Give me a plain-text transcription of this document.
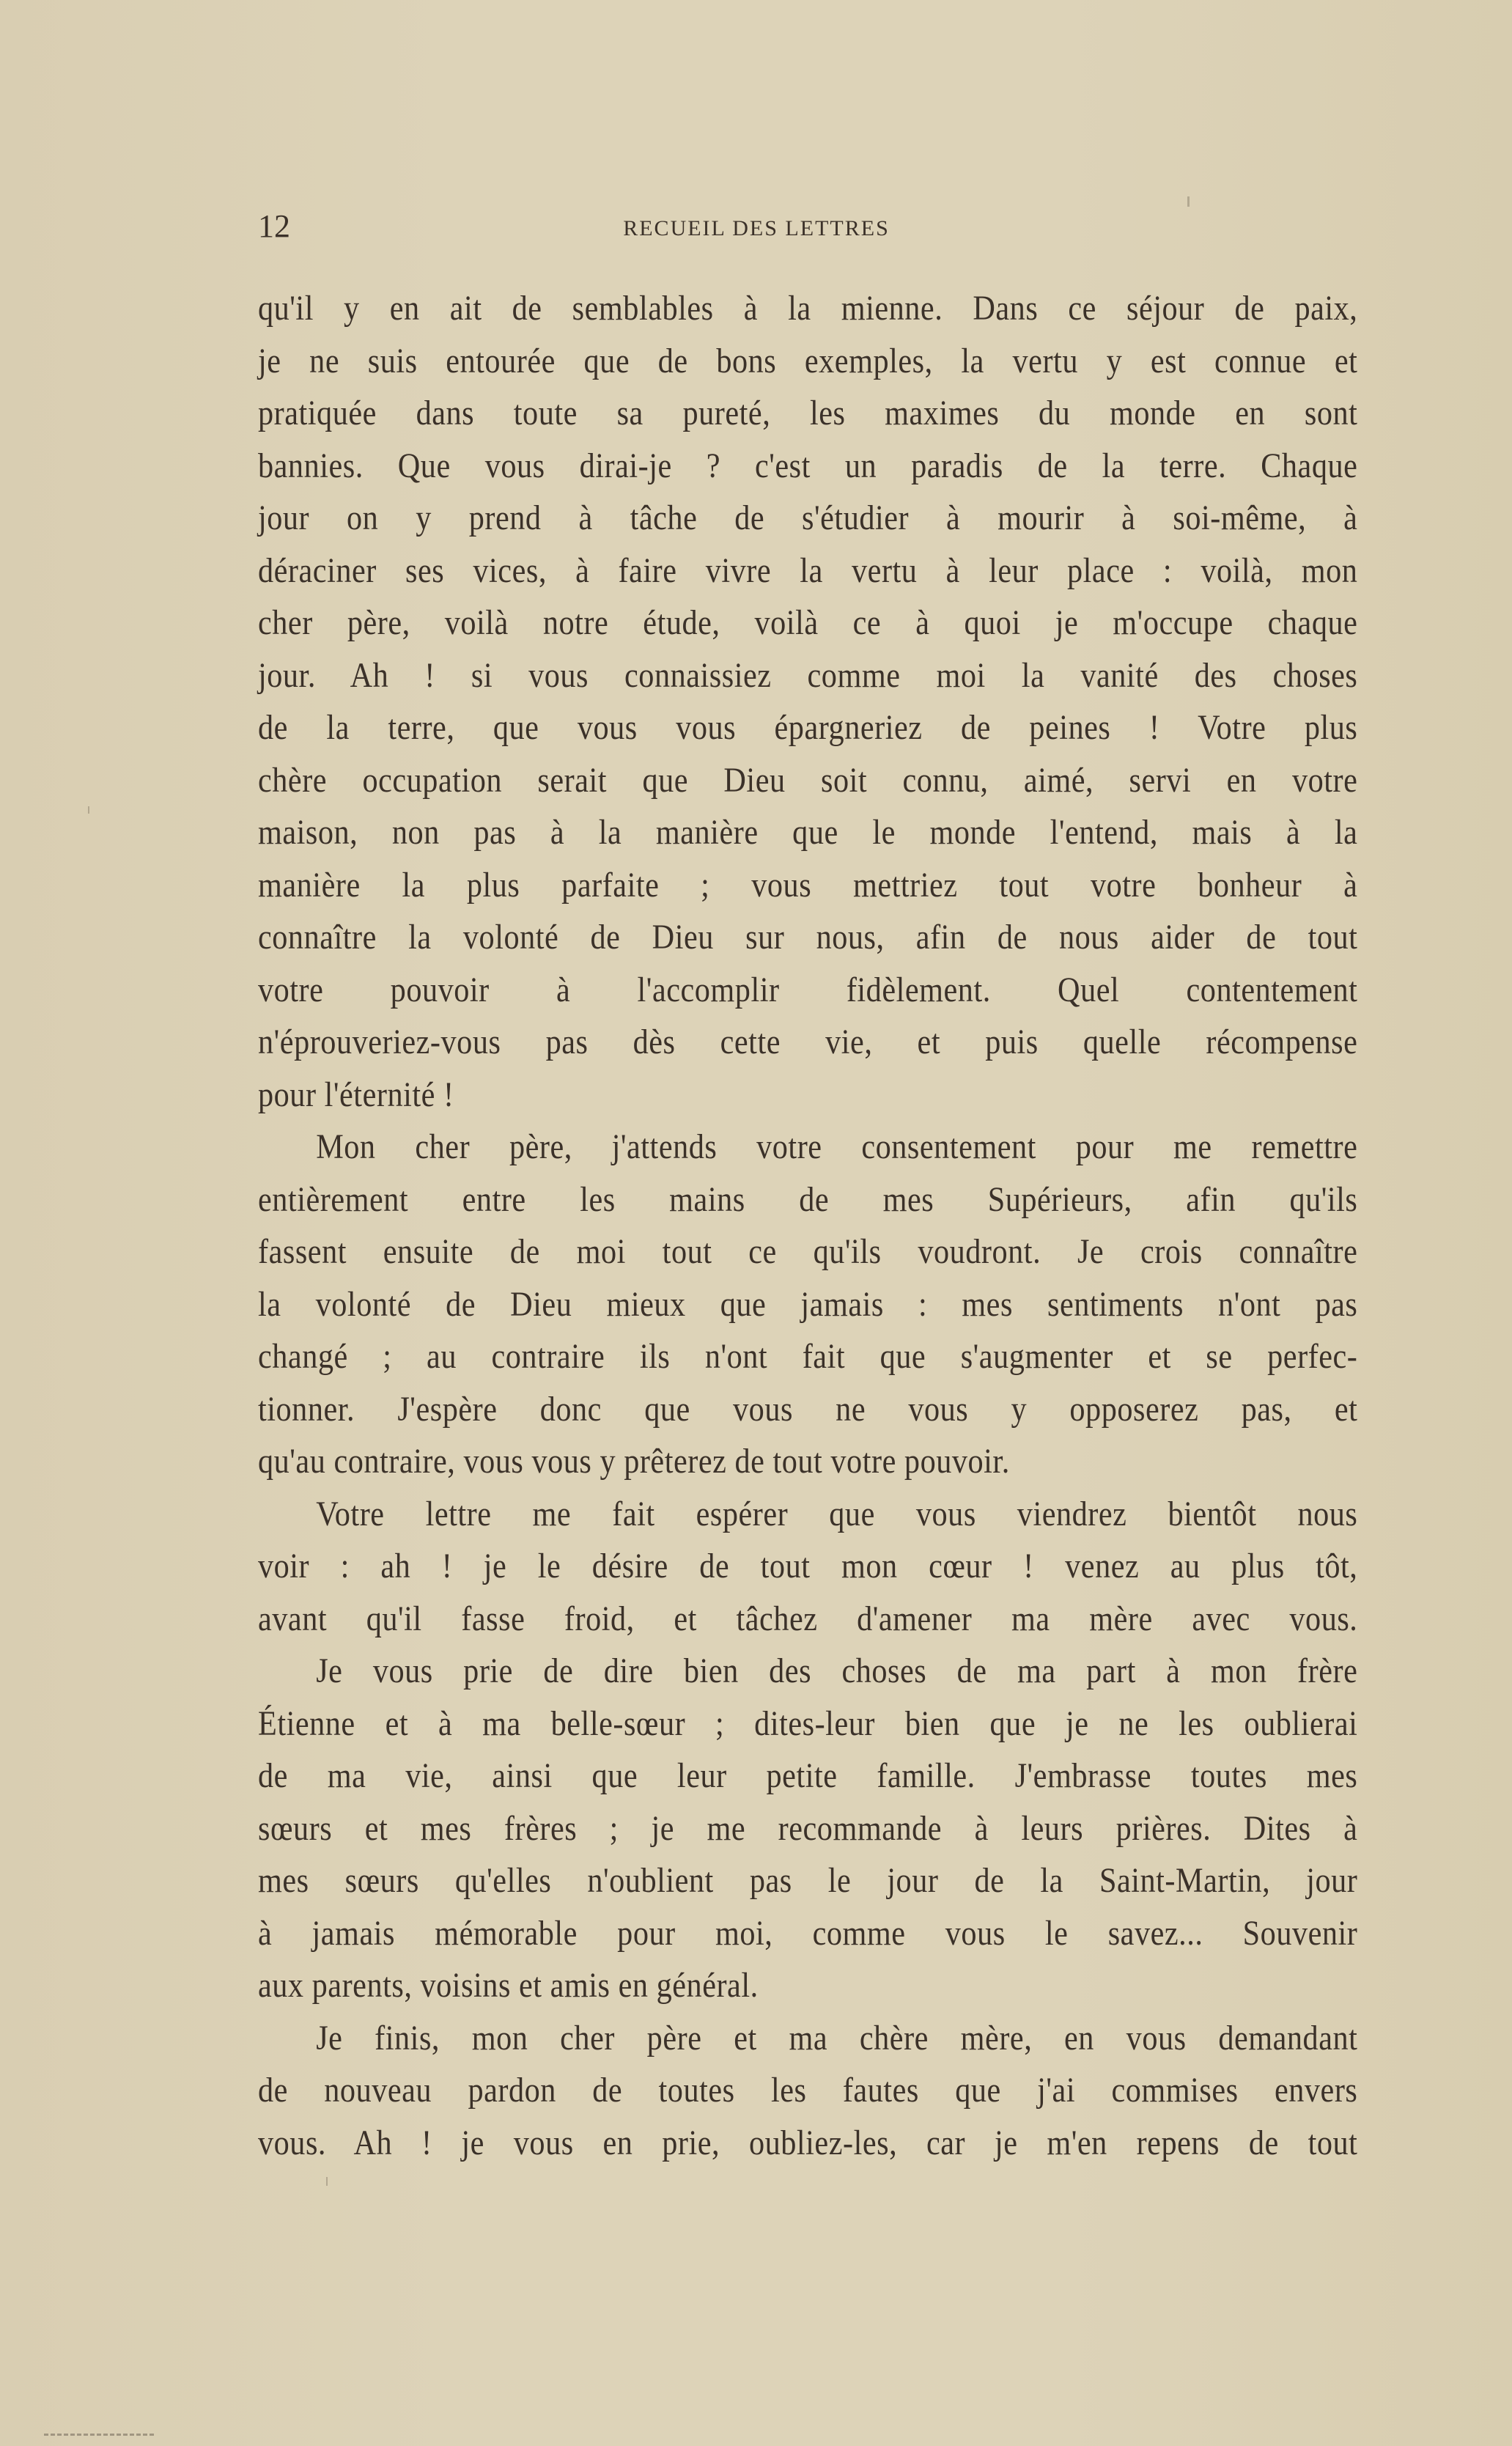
12	RECUEIL DES LETTRES
qu'il y en ait de semblables à la mienne. Dans ce séjour de paix,
je ne suis entourée que de bons exemples, la vertu y est connue et
pratiquée dans toute sa pureté, les maximes du monde en sont
bannies. Que vous dirai-je ? c'est un paradis de la terre. Chaque
jour on y prend à tâche de s'étudier à mourir à soi-même, à
déraciner ses vices, à faire vivre la vertu à leur place : voilà, mon
cher père, voilà notre étude, voilà ce à quoi je m'occupe chaque
jour. Ah ! si vous connaissiez comme moi la vanité des choses
de la terre, que vous vous épargneriez de peines ! Votre plus
chère occupation serait que Dieu soit connu, aimé, servi en votre
maison, non pas à la manière que le monde l'entend, mais à la
manière la plus parfaite ; vous mettriez tout votre bonheur à
connaître la volonté de Dieu sur nous, afin de nous aider de tout
votre pouvoir à l'accomplir fidèlement. Quel contentement
n'éprouveriez-vous pas dès cette vie, et puis quelle récompense
pour l'éternité !
Mon cher père, j'attends votre consentement pour me remettre
entièrement entre les mains de mes Supérieurs, afin qu'ils
fassent ensuite de moi tout ce qu'ils voudront. Je crois connaître
la volonté de Dieu mieux que jamais : mes sentiments n'ont pas
changé ; au contraire ils n'ont fait que s'augmenter et se perfec-
tionner. J'espère donc que vous ne vous y opposerez pas, et
qu'au contraire, vous vous y prêterez de tout votre pouvoir.
Votre lettre me fait espérer que vous viendrez bientôt nous
voir : ah ! je le désire de tout mon cœur ! venez au plus tôt,
avant qu'il fasse froid, et tâchez d'amener ma mère avec vous.
Je vous prie de dire bien des choses de ma part à mon frère
Étienne et à ma belle-sœur ; dites-leur bien que je ne les oublierai
de ma vie, ainsi que leur petite famille. J'embrasse toutes mes
sœurs et mes frères ; je me recommande à leurs prières. Dites à
mes sœurs qu'elles n'oublient pas le jour de la Saint-Martin, jour
à jamais mémorable pour moi, comme vous le savez... Souvenir
aux parents, voisins et amis en général.
Je finis, mon cher père et ma chère mère, en vous demandant
de nouveau pardon de toutes les fautes que j'ai commises envers
vous. Ah ! je vous en prie, oubliez-les, car je m'en repens de tout
